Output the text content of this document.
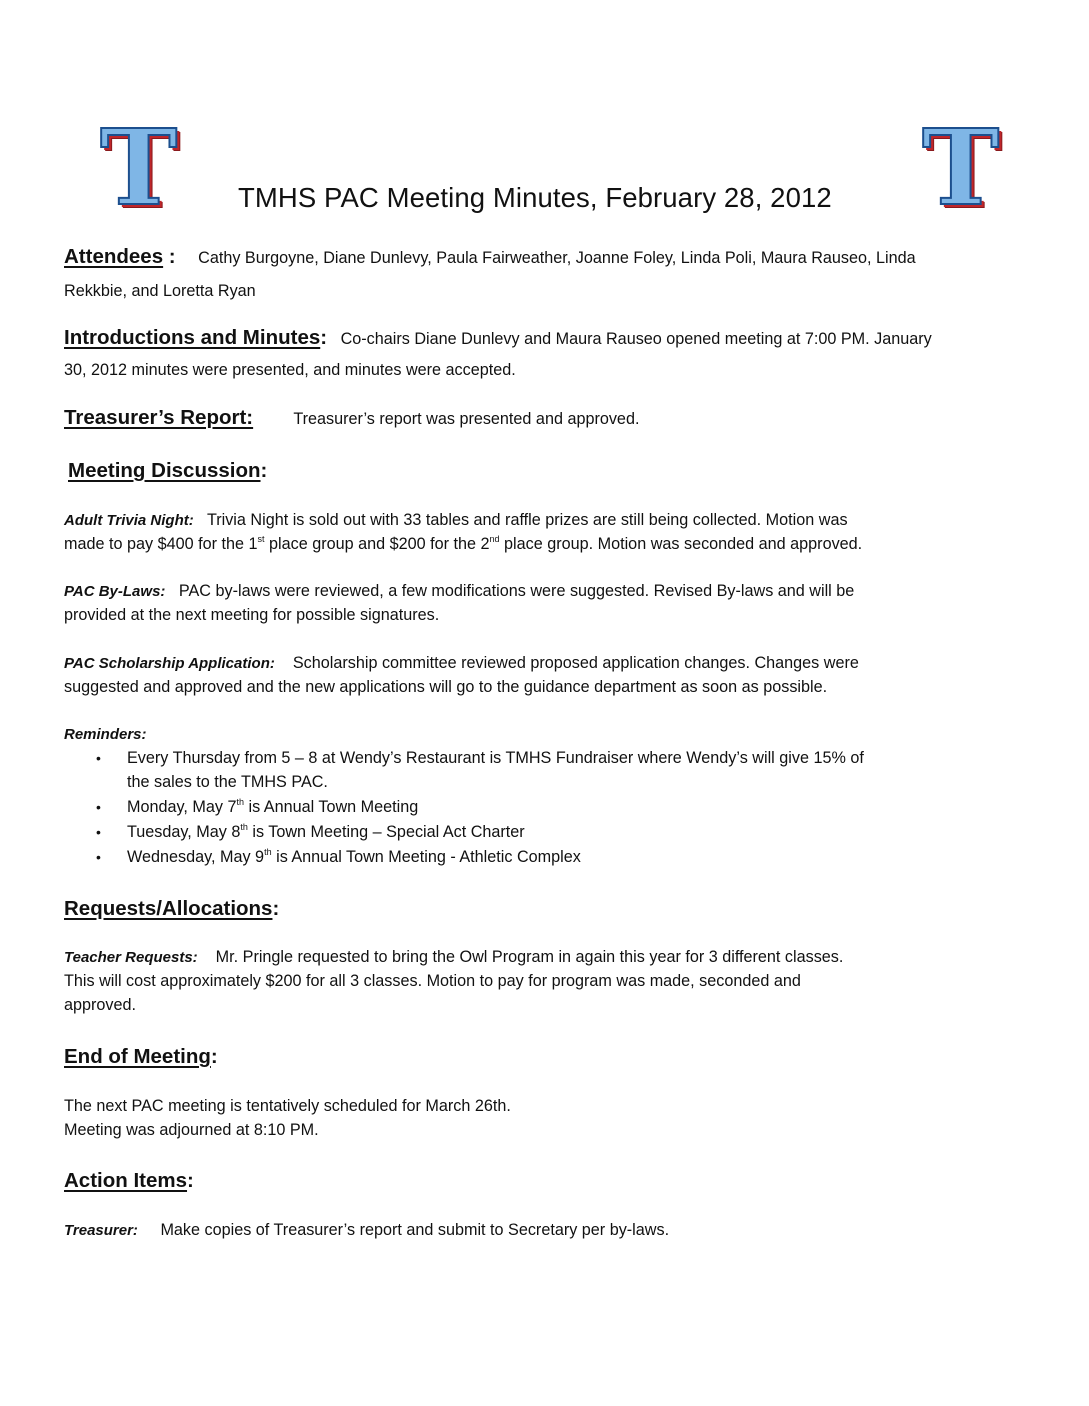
T	T
TMHS PAC Meeting Minutes, February 28, 2012

Attendees : Cathy Burgoyne, Diane Dunlevy, Paula Fairweather, Joanne Foley, Linda Poli, Maura Rauseo, Linda

Rekkbie, and Loretta Ryan

Introductions and Minutes: Co-chairs Diane Dunlevy and Maura Rauseo opened meeting at 7:00 PM. January

30, 2012 minutes were presented, and minutes were accepted.

Treasurer’s Report: Treasurer’s report was presented and approved.

Meeting Discussion:

Adult Trivia Night: Trivia Night is sold out with 33 tables and raffle prizes are still being collected. Motion was

made to pay $400 for the 1st place group and $200 for the 2nd place group. Motion was seconded and approved.

PAC By-Laws: PAC by-laws were reviewed, a few modifications were suggested. Revised By-laws and will be

provided at the next meeting for possible signatures.

PAC Scholarship Application: Scholarship committee reviewed proposed application changes. Changes were

suggested and approved and the new applications will go to the guidance department as soon as possible.

Reminders:

• Every Thursday from 5 – 8 at Wendy’s Restaurant is TMHS Fundraiser where Wendy’s will give 15% of

the sales to the TMHS PAC.

• Monday, May 7th is Annual Town Meeting

• Tuesday, May 8th is Town Meeting – Special Act Charter

• Wednesday, May 9th is Annual Town Meeting - Athletic Complex

Requests/Allocations:

Teacher Requests: Mr. Pringle requested to bring the Owl Program in again this year for 3 different classes.

This will cost approximately $200 for all 3 classes. Motion to pay for program was made, seconded and

approved.

End of Meeting:

The next PAC meeting is tentatively scheduled for March 26th.

Meeting was adjourned at 8:10 PM.

Action Items:

Treasurer: Make copies of Treasurer’s report and submit to Secretary per by-laws.
